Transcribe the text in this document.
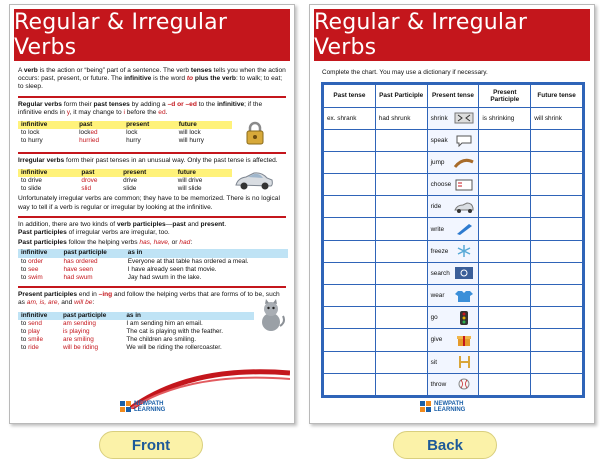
Regular & Irregular Verbs
A verb is the action or “being” part of a sentence. The verb tenses tells you when the action occurs: past, present, or future. The infinitive is the word to plus the verb: to walk; to eat; to sleep.
Regular verbs form their past tenses by adding a –d or –ed to the infinitive; if the infinitive ends in y, it may change to i before the ed.
infinitive	past	present	future
to lock	locked	lock	will lock
to hurry	hurried	hurry	will hurry
Irregular verbs form their past tenses in an unusual way. Only the past tense is affected.
infinitive	past	present	future
to drive	drove	drive	will drive
to slide	slid	slide	will slide
Unfortunately irregular verbs are common; they have to be memorized. There is no logical way to tell if a verb is regular or irregular by looking at the infinitive.
In addition, there are two kinds of verb participles—past and present.
Past participles of irregular verbs are irregular, too.
Past participles follow the helping verbs has, have, or had:
infinitive	past participle	as in
to order	has ordered	Everyone at that table has ordered a meal.
to see	have seen	I have already seen that movie.
to swim	had swum	Jay had swum in the lake.
Present participles end in –ing and follow the helping verbs that are forms of to be, such as am, is, are, and will be:
infinitive	past participle	as in
to send	am sending	I am sending him an email.
to play	is playing	The cat is playing with the feather.
to smile	are smiling	The children are smiling.
to ride	will be riding	We will be riding the rollercoaster.
NEWPATH
LEARNING
Regular & Irregular Verbs
Complete the chart. You may use a dictionary if necessary.
Past tense	Past Participle	Present tense	Present Participle	Future tense
ex. shrank	had shrunk	shrink	is shrinking	will shrink

		speak		

		jump		

		choose		

		ride		

		write		

		freeze		

		search		

		wear		

		go		

		give		

		sit		

		throw		

NEWPATH
LEARNING
Front	Back
